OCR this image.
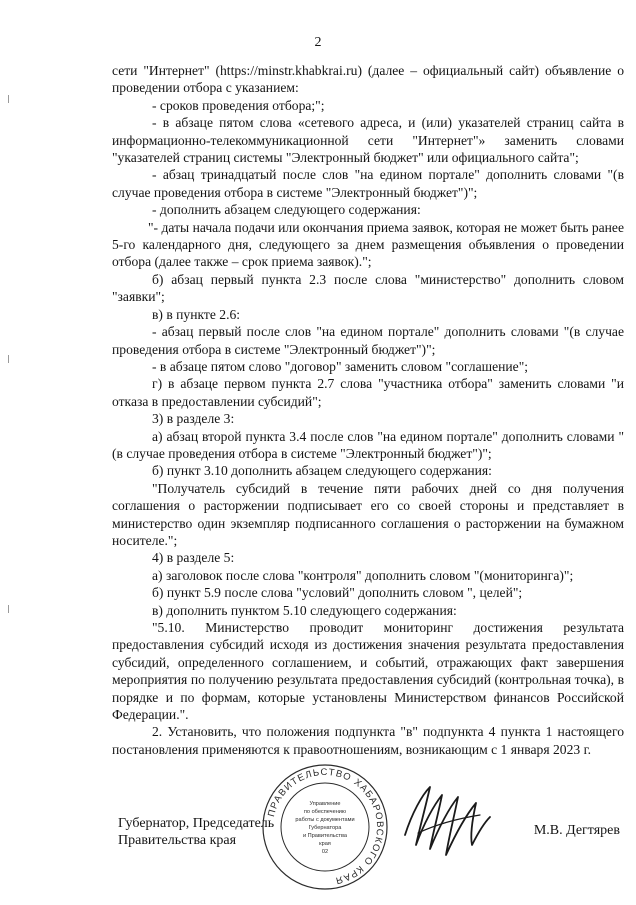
2

сети "Интернет" (https://minstr.khabkrai.ru) (далее – официальный сайт) объявление о проведении отбора с указанием:

- сроков проведения отбора;";

- в абзаце пятом слова «сетевого адреса, и (или) указателей страниц сайта в информационно-телекоммуникационной сети "Интернет"» заменить словами "указателей страниц системы "Электронный бюджет" или официального сайта";

- абзац тринадцатый после слов "на едином портале" дополнить словами "(в случае проведения отбора в системе "Электронный бюджет")";

- дополнить абзацем следующего содержания:

"- даты начала подачи или окончания приема заявок, которая не может быть ранее 5-го календарного дня, следующего за днем размещения объявления о проведении отбора (далее также – срок приема заявок).";

б) абзац первый пункта 2.3 после слова "министерство" дополнить словом "заявки";

в) в пункте 2.6:

- абзац первый после слов "на едином портале" дополнить словами "(в случае проведения отбора в системе "Электронный бюджет")";

- в абзаце пятом слово "договор" заменить словом "соглашение";

г) в абзаце первом пункта 2.7 слова "участника отбора" заменить словами "и отказа в предоставлении субсидий";

3) в разделе 3:

а) абзац второй пункта 3.4 после слов "на едином портале" дополнить словами "(в случае проведения отбора в системе "Электронный бюджет")";

б) пункт 3.10 дополнить абзацем следующего содержания:

"Получатель субсидий в течение пяти рабочих дней со дня получения соглашения о расторжении подписывает его со своей стороны и представляет в министерство один экземпляр подписанного соглашения о расторжении на бумажном носителе.";

4) в разделе 5:

а) заголовок после слова "контроля" дополнить словом "(мониторинга)";

б) пункт 5.9 после слова "условий" дополнить словом ", целей";

в) дополнить пунктом 5.10 следующего содержания:

"5.10. Министерство проводит мониторинг достижения результата предоставления субсидий исходя из достижения значения результата предоставления субсидий, определенного соглашением, и событий, отражающих факт завершения мероприятия по получению результата предоставления субсидий (контрольная точка), в порядке и по формам, которые установлены Министерством финансов Российской Федерации.".

2. Установить, что положения подпункта "в" подпункта 4 пункта 1 настоящего постановления применяются к правоотношениям, возникающим с 1 января 2023 г.

Губернатор, Председатель
Правительства края
ПРАВИТЕЛЬСТВО ХАБАРОВСКОГО КРАЯ
Управление
по обеспечению
работы с документами
Губернатора
и Правительства
края
02
М.В. Дегтярев
